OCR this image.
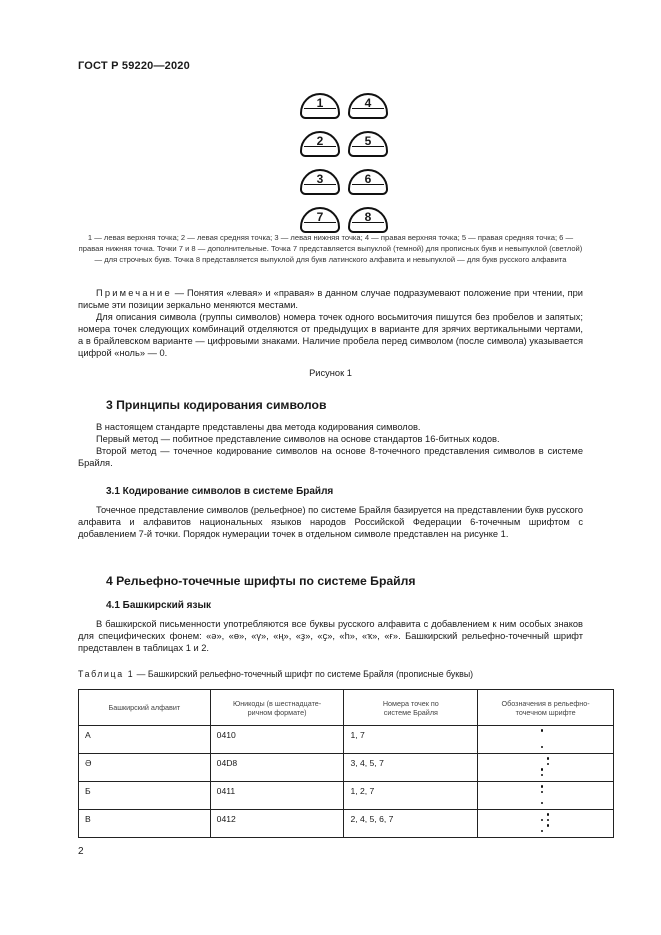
ГОСТ Р 59220—2020
1	4
2	5
3	6
7	8
1 — левая верхняя точка; 2 — левая средняя точка; 3 — левая нижняя точка; 4 — правая верхняя точка; 5 — правая средняя точка; 6 — правая нижняя точка. Точки 7 и 8 — дополнительные. Точка 7 представляется выпуклой (темной) для прописных букв и невыпуклой (светлой) — для строчных букв. Точка 8 представляется выпуклой для букв латинского алфавита и невыпуклой — для букв русского алфавита
Примечание — Понятия «левая» и «правая» в данном случае подразумевают положение при чтении, при письме эти позиции зеркально меняются местами.
Для описания символа (группы символов) номера точек одного восьмиточия пишутся без пробелов и запятых; номера точек следующих комбинаций отделяются от предыдущих в варианте для зрячих вертикальными чертами, а в брайлевском варианте — цифровыми знаками. Наличие пробела перед символом (после символа) указывается цифрой «ноль» — 0.
Рисунок 1
3 Принципы кодирования символов
В настоящем стандарте представлены два метода кодирования символов.
Первый метод — побитное представление символов на основе стандартов 16-битных кодов.
Второй метод — точечное кодирование символов на основе 8-точечного представления символов в системе Брайля.
3.1 Кодирование символов в системе Брайля
Точечное представление символов (рельефное) по системе Брайля базируется на представлении букв русского алфавита и алфавитов национальных языков народов Российской Федерации 6-точечным шрифтом с добавлением 7-й точки. Порядок нумерации точек в отдельном символе представлен на рисунке 1.
4 Рельефно-точечные шрифты по системе Брайля
4.1 Башкирский язык
В башкирской письменности употребляются все буквы русского алфавита с добавлением к ним особых знаков для специфических фонем: «ә», «ө», «ү», «ң», «ҙ», «ҫ», «һ», «ҡ», «ғ». Башкирский рельефно-точечный шрифт представлен в таблицах 1 и 2.
Таблица 1 — Башкирский рельефно-точечный шрифт по системе Брайля (прописные буквы)
Башкирский алфавит	Юникоды (в шестнадцате-ричном формате)	Номера точек по системе Брайля	Обозначения в рельефно-точечном шрифте
А	0410	1, 7	

Ә	04D8	3, 4, 5, 7	

Б	0411	1, 2, 7	

В	0412	2, 4, 5, 6, 7	
2
